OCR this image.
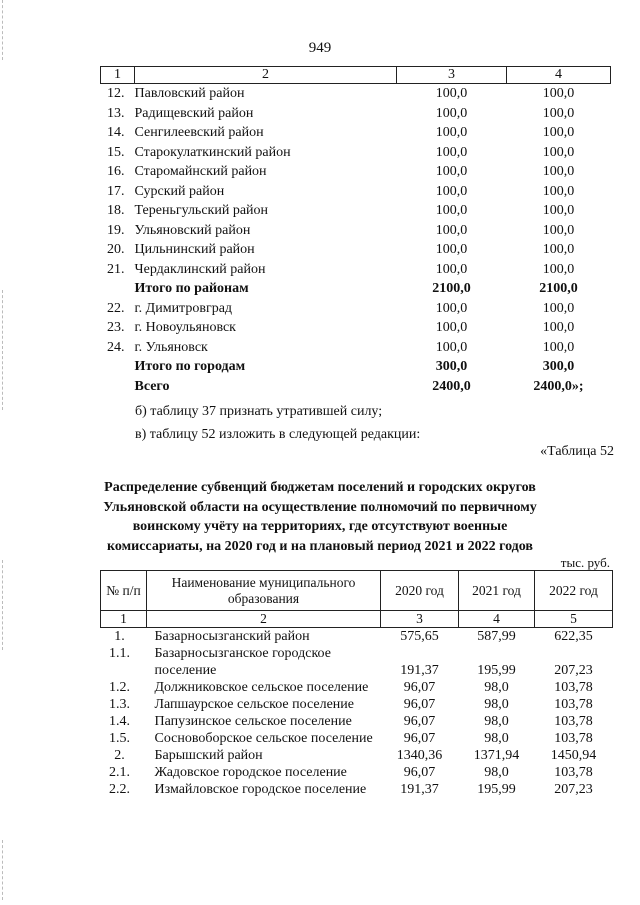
949
1	2	3	4
12.	Павловский район	100,0	100,0
13.	Радищевский район	100,0	100,0
14.	Сенгилеевский район	100,0	100,0
15.	Старокулаткинский район	100,0	100,0
16.	Старомайнский район	100,0	100,0
17.	Сурский район	100,0	100,0
18.	Тереньгульский район	100,0	100,0
19.	Ульяновский район	100,0	100,0
20.	Цильнинский район	100,0	100,0
21.	Чердаклинский район	100,0	100,0
	Итого по районам	2100,0	2100,0
22.	г. Димитровград	100,0	100,0
23.	г. Новоульяновск	100,0	100,0
24.	г. Ульяновск	100,0	100,0
	Итого по городам	300,0	300,0
	Всего	2400,0	2400,0»;
б) таблицу 37 признать утратившей силу;
в) таблицу 52 изложить в следующей редакции:
«Таблица 52
Распределение субвенций бюджетам поселений и городских округов Ульяновской области на осуществление полномочий по первичному воинскому учёту на территориях, где отсутствуют военные комиссариаты, на 2020 год и на плановый период 2021 и 2022 годов
тыс. руб.
№ п/п	Наименование муниципального образования	2020 год	2021 год	2022 год
1	2	3	4	5
1.	Базарносызганский район	575,65	587,99	622,35
1.1.	Базарносызганское городское поселение	191,37	195,99	207,23
1.2.	Должниковское сельское поселение	96,07	98,0	103,78
1.3.	Лапшаурское сельское поселение	96,07	98,0	103,78
1.4.	Папузинское сельское поселение	96,07	98,0	103,78
1.5.	Сосновоборское сельское поселение	96,07	98,0	103,78
2.	Барышский район	1340,36	1371,94	1450,94
2.1.	Жадовское городское поселение	96,07	98,0	103,78
2.2.	Измайловское городское поселение	191,37	195,99	207,23
